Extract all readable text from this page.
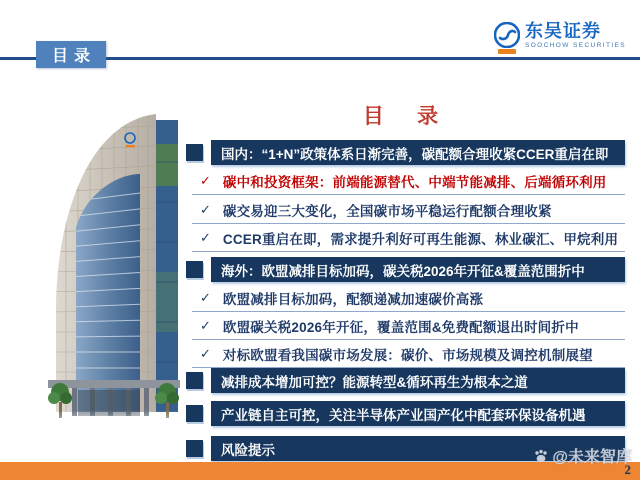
目录
东吴证券
SOOCHOW SECURITIES
目 录
国内：“1+N”政策体系日渐完善，碳配额合理收紧CCER重启在即
✓ 碳中和投资框架：前端能源替代、中端节能减排、后端循环利用
✓ 碳交易迎三大变化，全国碳市场平稳运行配额合理收紧
✓ CCER重启在即，需求提升利好可再生能源、林业碳汇、甲烷利用
海外：欧盟减排目标加码，碳关税2026年开征&覆盖范围折中
✓ 欧盟减排目标加码，配额递减加速碳价高涨
✓ 欧盟碳关税2026年开征，覆盖范围&免费配额退出时间折中
✓ 对标欧盟看我国碳市场发展：碳价、市场规模及调控机制展望
减排成本增加可控？能源转型&循环再生为根本之道
产业链自主可控，关注半导体产业国产化中配套环保设备机遇
风险提示	@未来智库
2
